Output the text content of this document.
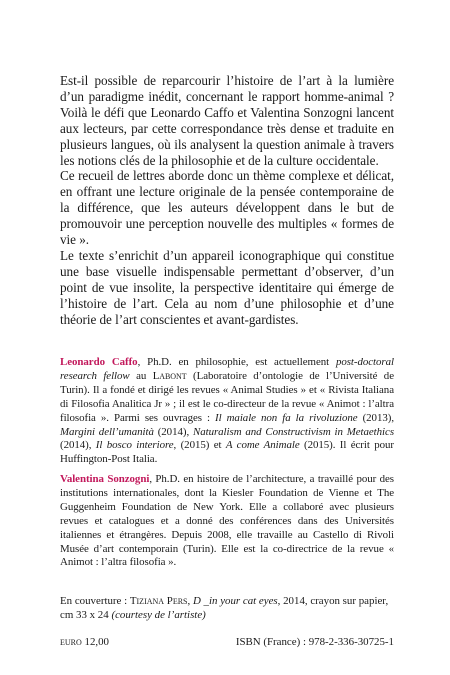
Est-il possible de reparcourir l’histoire de l’art à la lumière d’un paradigme inédit, concernant le rapport homme-animal ? Voilà le défi que Leonardo Caffo et Valentina Sonzogni lancent aux lecteurs, par cette correspondance très dense et traduite en plusieurs langues, où ils analysent la question animale à travers les notions clés de la philosophie et de la culture occidentale.

Ce recueil de lettres aborde donc un thème complexe et délicat, en offrant une lecture originale de la pensée contemporaine de la différence, que les auteurs développent dans le but de promouvoir une perception nouvelle des multiples « formes de vie ».

Le texte s’enrichit d’un appareil iconographique qui constitue une base visuelle indispensable permettant d’observer, d’un point de vue insolite, la perspective identitaire qui émerge de l’histoire de l’art. Cela au nom d’une philosophie et d’une théorie de l’art conscientes et avant-gardistes.

Leonardo Caffo, Ph.D. en philosophie, est actuellement post-doctoral research fellow au Labont (Laboratoire d’ontologie de l’Université de Turin). Il a fondé et dirigé les revues « Animal Studies » et « Rivista Italiana di Filosofia Analitica Jr » ; il est le co-directeur de la revue « Animot : l’altra filosofia ». Parmi ses ouvrages : Il maiale non fa la rivoluzione (2013), Margini dell’umanità (2014), Naturalism and Constructivism in Metaethics (2014), Il bosco interiore, (2015) et A come Animale (2015). Il écrit pour Huffington-Post Italia.

Valentina Sonzogni, Ph.D. en histoire de l’architecture, a travaillé pour des institutions internationales, dont la Kiesler Foundation de Vienne et The Guggenheim Foundation de New York. Elle a collaboré avec plusieurs revues et catalogues et a donné des conférences dans des Universités italiennes et étrangères. Depuis 2008, elle travaille au Castello di Rivoli Musée d’art contemporain (Turin). Elle est la co-directrice de la revue « Animot : l’altra filosofia ».

En couverture : Tiziana Pers, D _in your cat eyes, 2014, crayon sur papier, cm 33 x 24 (courtesy de l’artiste)
euro 12,00	ISBN (France) : 978-2-336-30725-1
